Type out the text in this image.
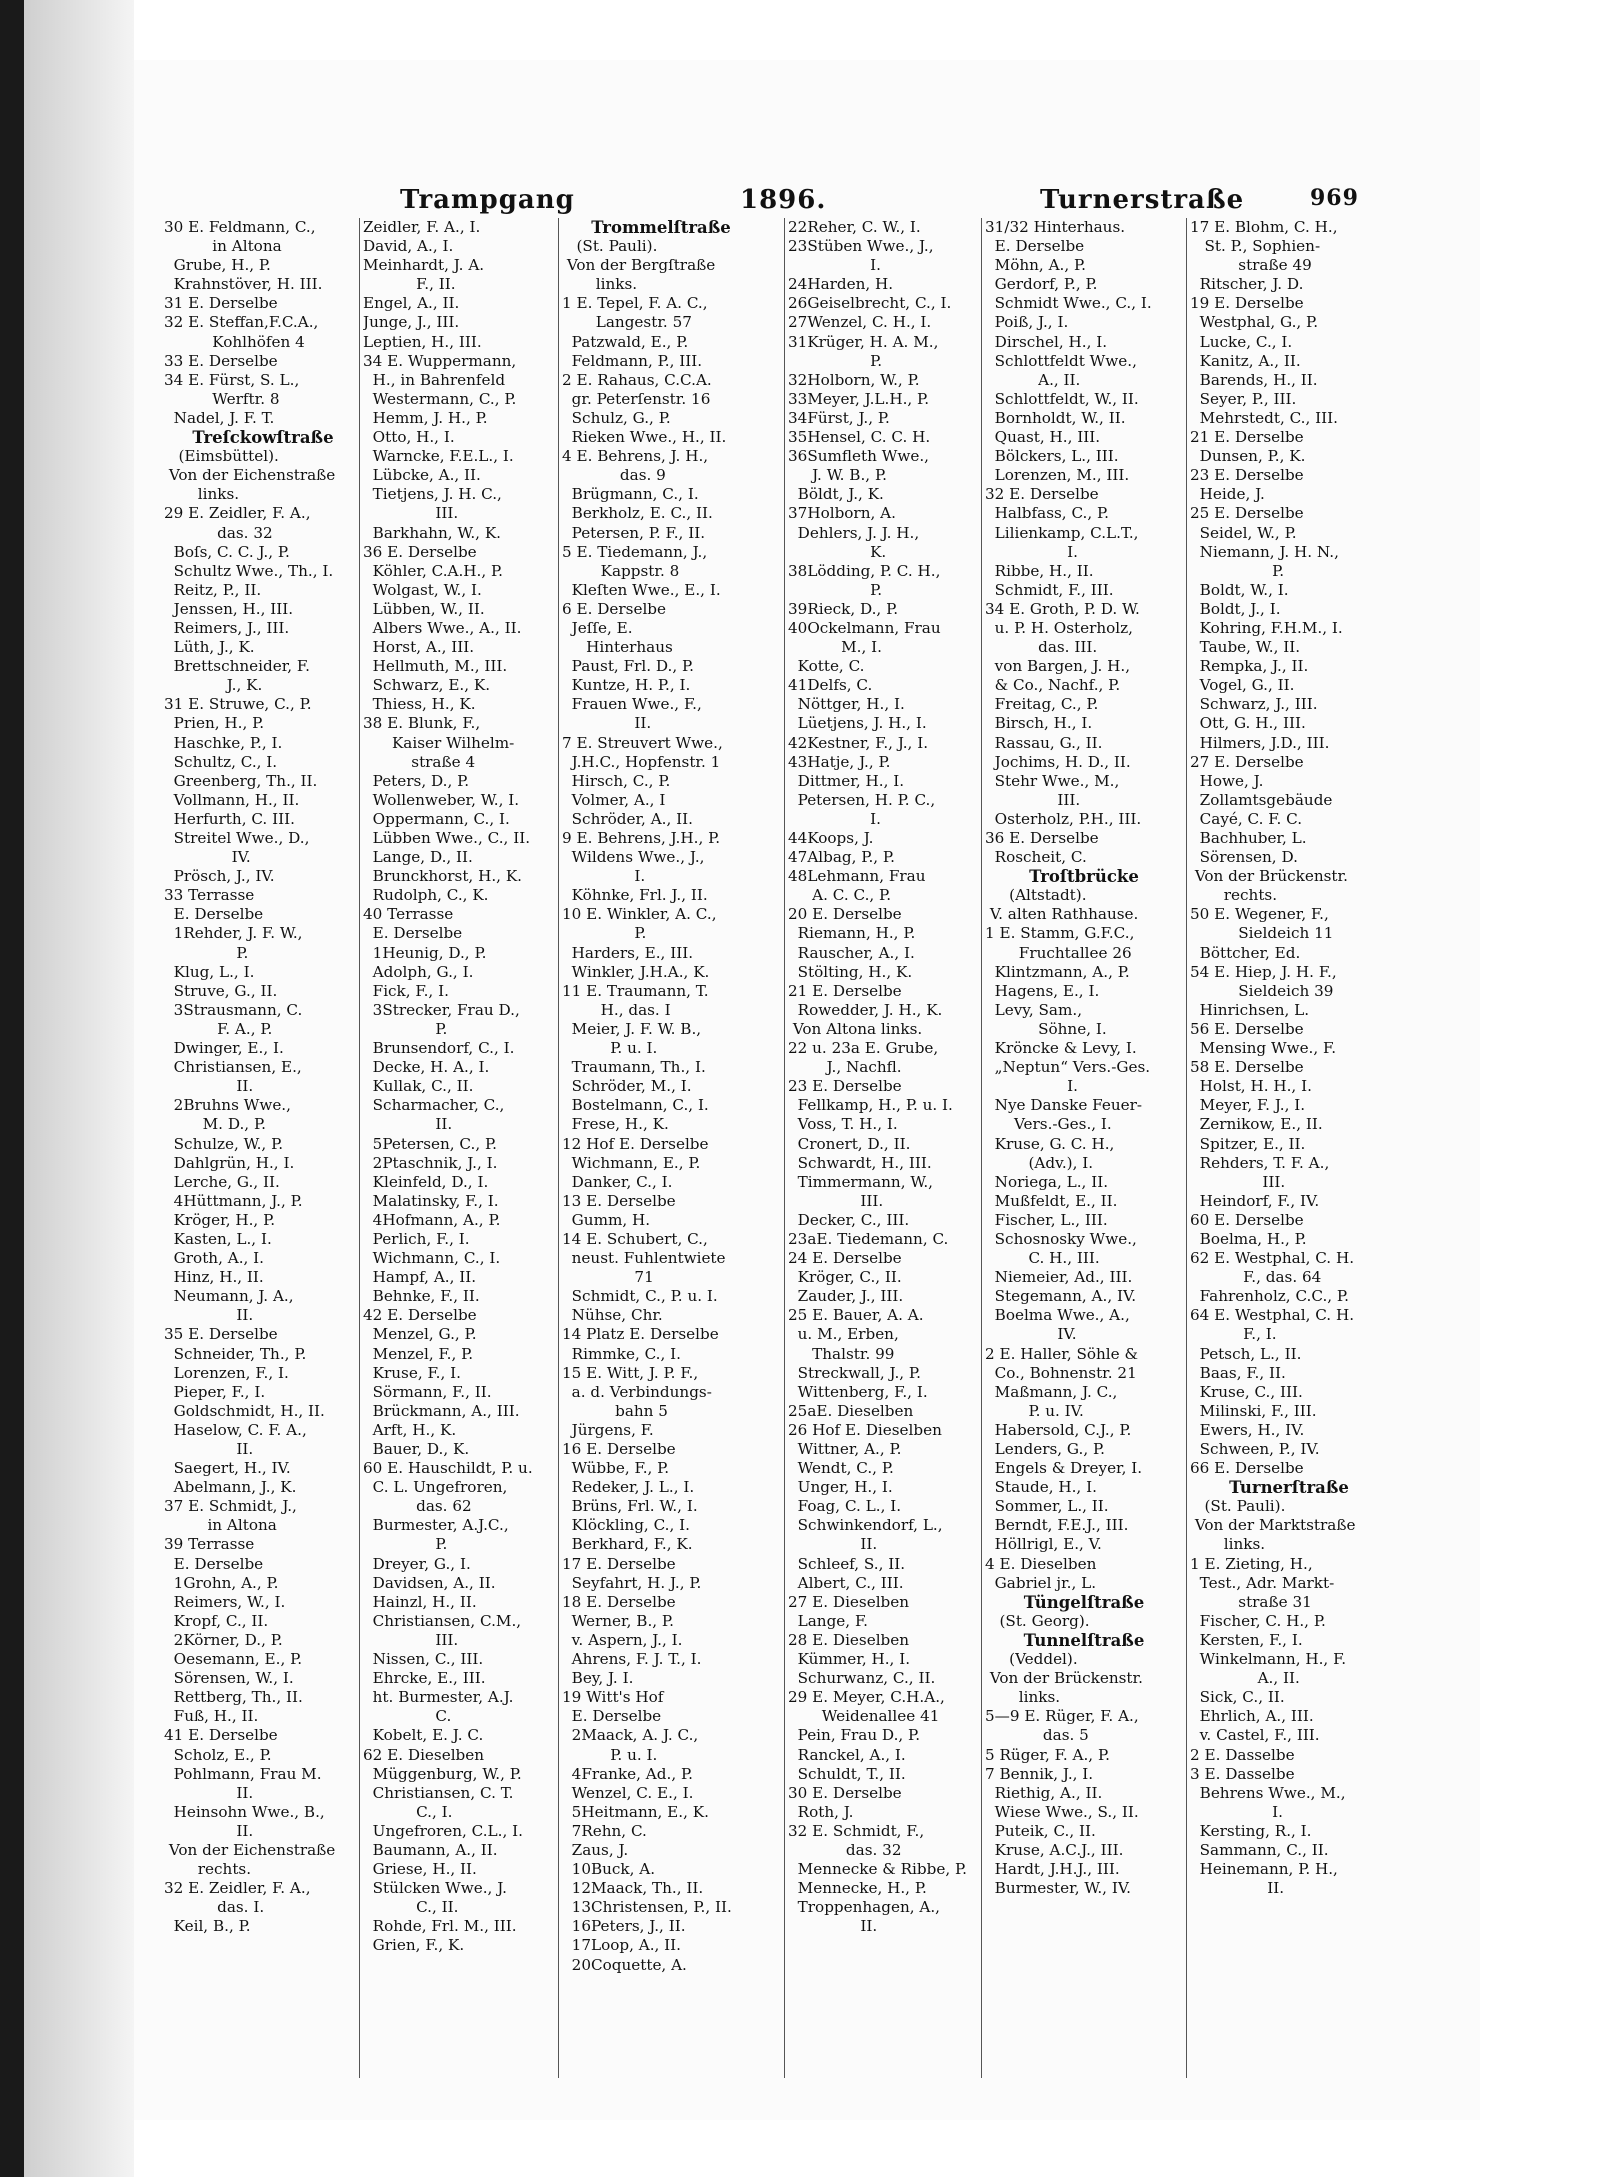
Trampgang	1896.	Turnerstraße	969
30 E. Feldmann, C.,
in Altona
Grube, H., P.
Krahnstöver, H. III.
31 E. Derselbe
32 E. Steffan,F.C.A.,
Kohlhöfen 4
33 E. Derselbe
34 E. Fürst, S. L.,
Werftr. 8
Nadel, J. F. T.
Treſckowſtraße
(Eimsbüttel).
Von der Eichenstraße
links.
29 E. Zeidler, F. A.,
das. 32
Boſs, C. C. J., P.
Schultz Wwe., Th., I.
Reitz, P., II.
Jenssen, H., III.
Reimers, J., III.
Lüth, J., K.
Brettschneider, F.
J., K.
31 E. Struwe, C., P.
Prien, H., P.
Haschke, P., I.
Schultz, C., I.
Greenberg, Th., II.
Vollmann, H., II.
Herfurth, C. III.
Streitel Wwe., D.,
IV.
Prösch, J., IV.
33 Terrasse
E. Derselbe
1Rehder, J. F. W.,
P.
Klug, L., I.
Struve, G., II.
3Strausmann, C.
F. A., P.
Dwinger, E., I.
Christiansen, E.,
II.
2Bruhns Wwe.,
M. D., P.
Schulze, W., P.
Dahlgrün, H., I.
Lerche, G., II.
4Hüttmann, J., P.
Kröger, H., P.
Kasten, L., I.
Groth, A., I.
Hinz, H., II.
Neumann, J. A.,
II.
35 E. Derselbe
Schneider, Th., P.
Lorenzen, F., I.
Pieper, F., I.
Goldschmidt, H., II.
Haselow, C. F. A.,
II.
Saegert, H., IV.
Abelmann, J., K.
37 E. Schmidt, J.,
in Altona
39 Terrasse
E. Derselbe
1Grohn, A., P.
Reimers, W., I.
Kropf, C., II.
2Körner, D., P.
Oesemann, E., P.
Sörensen, W., I.
Rettberg, Th., II.
Fuß, H., II.
41 E. Derselbe
Scholz, E., P.
Pohlmann, Frau M.
II.
Heinsohn Wwe., B.,
II.
Von der Eichenstraße
rechts.
32 E. Zeidler, F. A.,
das. I.
Keil, B., P.
Zeidler, F. A., I.
David, A., I.
Meinhardt, J. A.
F., II.
Engel, A., II.
Junge, J., III.
Leptien, H., III.
34 E. Wuppermann,
H., in Bahrenfeld
Westermann, C., P.
Hemm, J. H., P.
Otto, H., I.
Warncke, F.E.L., I.
Lübcke, A., II.
Tietjens, J. H. C.,
III.
Barkhahn, W., K.
36 E. Derselbe
Köhler, C.A.H., P.
Wolgast, W., I.
Lübben, W., II.
Albers Wwe., A., II.
Horst, A., III.
Hellmuth, M., III.
Schwarz, E., K.
Thiess, H., K.
38 E. Blunk, F.,
Kaiser Wilhelm-
straße 4
Peters, D., P.
Wollenweber, W., I.
Oppermann, C., I.
Lübben Wwe., C., II.
Lange, D., II.
Brunckhorst, H., K.
Rudolph, C., K.
40 Terrasse
E. Derselbe
1Heunig, D., P.
Adolph, G., I.
Fick, F., I.
3Strecker, Frau D.,
P.
Brunsendorf, C., I.
Decke, H. A., I.
Kullak, C., II.
Scharmacher, C.,
II.
5Petersen, C., P.
2Ptaschnik, J., I.
Kleinfeld, D., I.
Malatinsky, F., I.
4Hofmann, A., P.
Perlich, F., I.
Wichmann, C., I.
Hampf, A., II.
Behnke, F., II.
42 E. Derselbe
Menzel, G., P.
Menzel, F., P.
Kruse, F., I.
Sörmann, F., II.
Brückmann, A., III.
Arft, H., K.
Bauer, D., K.
60 E. Hauschildt, P. u.
C. L. Ungefroren,
das. 62
Burmester, A.J.C.,
P.
Dreyer, G., I.
Davidsen, A., II.
Hainzl, H., II.
Christiansen, C.M.,
III.
Nissen, C., III.
Ehrcke, E., III.
ht. Burmester, A.J.
C.
Kobelt, E. J. C.
62 E. Dieselben
Müggenburg, W., P.
Christiansen, C. T.
C., I.
Ungefroren, C.L., I.
Baumann, A., II.
Griese, H., II.
Stülcken Wwe., J.
C., II.
Rohde, Frl. M., III.
Grien, F., K.
Trommelſtraße
(St. Pauli).
Von der Bergſtraße
links.
1 E. Tepel, F. A. C.,
Langestr. 57
Patzwald, E., P.
Feldmann, P., III.
2 E. Rahaus, C.C.A.
gr. Peterſenstr. 16
Schulz, G., P.
Rieken Wwe., H., II.
4 E. Behrens, J. H.,
das. 9
Brügmann, C., I.
Berkholz, E. C., II.
Petersen, P. F., II.
5 E. Tiedemann, J.,
Kappstr. 8
Kleſten Wwe., E., I.
6 E. Derselbe
Jeſſe, E.
Hinterhaus
Paust, Frl. D., P.
Kuntze, H. P., I.
Frauen Wwe., F.,
II.
7 E. Streuvert Wwe.,
J.H.C., Hopfenstr. 1
Hirsch, C., P.
Volmer, A., I
Schröder, A., II.
9 E. Behrens, J.H., P.
Wildens Wwe., J.,
I.
Köhnke, Frl. J., II.
10 E. Winkler, A. C.,
P.
Harders, E., III.
Winkler, J.H.A., K.
11 E. Traumann, T.
H., das. I
Meier, J. F. W. B.,
P. u. I.
Traumann, Th., I.
Schröder, M., I.
Bostelmann, C., I.
Frese, H., K.
12 Hof E. Derselbe
Wichmann, E., P.
Danker, C., I.
13 E. Derselbe
Gumm, H.
14 E. Schubert, C.,
neust. Fuhlentwiete
71
Schmidt, C., P. u. I.
Nühse, Chr.
14 Platz E. Derselbe
Rimmke, C., I.
15 E. Witt, J. P. F.,
a. d. Verbindungs-
bahn 5
Jürgens, F.
16 E. Derselbe
Wübbe, F., P.
Redeker, J. L., I.
Brüns, Frl. W., I.
Klöckling, C., I.
Berkhard, F., K.
17 E. Derselbe
Seyfahrt, H. J., P.
18 E. Derselbe
Werner, B., P.
v. Aspern, J., I.
Ahrens, F. J. T., I.
Bey, J. I.
19 Witt's Hof
E. Derselbe
2Maack, A. J. C.,
P. u. I.
4Franke, Ad., P.
Wenzel, C. E., I.
5Heitmann, E., K.
7Rehn, C.
Zaus, J.
10Buck, A.
12Maack, Th., II.
13Christensen, P., II.
16Peters, J., II.
17Loop, A., II.
20Coquette, A.
22Reher, C. W., I.
23Stüben Wwe., J.,
I.
24Harden, H.
26Geiselbrecht, C., I.
27Wenzel, C. H., I.
31Krüger, H. A. M.,
P.
32Holborn, W., P.
33Meyer, J.L.H., P.
34Fürst, J., P.
35Hensel, C. C. H.
36Sumfleth Wwe.,
J. W. B., P.
Böldt, J., K.
37Holborn, A.
Dehlers, J. J. H.,
K.
38Lödding, P. C. H.,
P.
39Rieck, D., P.
40Ockelmann, Frau
M., I.
Kotte, C.
41Delfs, C.
Nöttger, H., I.
Lüetjens, J. H., I.
42Kestner, F., J., I.
43Hatje, J., P.
Dittmer, H., I.
Petersen, H. P. C.,
I.
44Koops, J.
47Albag, P., P.
48Lehmann, Frau
A. C. C., P.
20 E. Derselbe
Riemann, H., P.
Rauscher, A., I.
Stölting, H., K.
21 E. Derselbe
Rowedder, J. H., K.
Von Altona links.
22 u. 23a E. Grube,
J., Nachfl.
23 E. Derselbe
Fellkamp, H., P. u. I.
Voss, T. H., I.
Cronert, D., II.
Schwardt, H., III.
Timmermann, W.,
III.
Decker, C., III.
23aE. Tiedemann, C.
24 E. Derselbe
Kröger, C., II.
Zauder, J., III.
25 E. Bauer, A. A.
u. M., Erben,
Thalstr. 99
Streckwall, J., P.
Wittenberg, F., I.
25aE. Dieselben
26 Hof E. Dieselben
Wittner, A., P.
Wendt, C., P.
Unger, H., I.
Foag, C. L., I.
Schwinkendorf, L.,
II.
Schleef, S., II.
Albert, C., III.
27 E. Dieselben
Lange, F.
28 E. Dieselben
Kümmer, H., I.
Schurwanz, C., II.
29 E. Meyer, C.H.A.,
Weidenallee 41
Pein, Frau D., P.
Ranckel, A., I.
Schuldt, T., II.
30 E. Derselbe
Roth, J.
32 E. Schmidt, F.,
das. 32
Mennecke & Ribbe, P.
Mennecke, H., P.
Troppenhagen, A.,
II.
31/32 Hinterhaus.
E. Derselbe
Möhn, A., P.
Gerdorf, P., P.
Schmidt Wwe., C., I.
Poiß, J., I.
Dirschel, H., I.
Schlottfeldt Wwe.,
A., II.
Schlottfeldt, W., II.
Bornholdt, W., II.
Quast, H., III.
Bölckers, L., III.
Lorenzen, M., III.
32 E. Derselbe
Halbfass, C., P.
Lilienkamp, C.L.T.,
I.
Ribbe, H., II.
Schmidt, F., III.
34 E. Groth, P. D. W.
u. P. H. Osterholz,
das. III.
von Bargen, J. H.,
& Co., Nachf., P.
Freitag, C., P.
Birsch, H., I.
Rassau, G., II.
Jochims, H. D., II.
Stehr Wwe., M.,
III.
Osterholz, P.H., III.
36 E. Derselbe
Roscheit, C.
Troſtbrücke
(Altstadt).
V. alten Rathhause.
1 E. Stamm, G.F.C.,
Fruchtallee 26
Klintzmann, A., P.
Hagens, E., I.
Levy, Sam.,
Söhne, I.
Kröncke & Levy, I.
„Neptun“ Vers.-Ges.
I.
Nye Danske Feuer-
Vers.-Ges., I.
Kruse, G. C. H.,
(Adv.), I.
Noriega, L., II.
Mußfeldt, E., II.
Fischer, L., III.
Schosnosky Wwe.,
C. H., III.
Niemeier, Ad., III.
Stegemann, A., IV.
Boelma Wwe., A.,
IV.
2 E. Haller, Söhle &
Co., Bohnenstr. 21
Maßmann, J. C.,
P. u. IV.
Habersold, C.J., P.
Lenders, G., P.
Engels & Dreyer, I.
Staude, H., I.
Sommer, L., II.
Berndt, F.E.J., III.
Höllrigl, E., V.
4 E. Dieselben
Gabriel jr., L.
Tüngelſtraße
(St. Georg).
Tunnelſtraße
(Veddel).
Von der Brückenstr.
links.
5—9 E. Rüger, F. A.,
das. 5
5 Rüger, F. A., P.
7 Bennik, J., I.
Riethig, A., II.
Wiese Wwe., S., II.
Puteik, C., II.
Kruse, A.C.J., III.
Hardt, J.H.J., III.
Burmester, W., IV.
17 E. Blohm, C. H.,
St. P., Sophien-
straße 49
Ritscher, J. D.
19 E. Derselbe
Westphal, G., P.
Lucke, C., I.
Kanitz, A., II.
Barends, H., II.
Seyer, P., III.
Mehrstedt, C., III.
21 E. Derselbe
Dunsen, P., K.
23 E. Derselbe
Heide, J.
25 E. Derselbe
Seidel, W., P.
Niemann, J. H. N.,
P.
Boldt, W., I.
Boldt, J., I.
Kohring, F.H.M., I.
Taube, W., II.
Rempka, J., II.
Vogel, G., II.
Schwarz, J., III.
Ott, G. H., III.
Hilmers, J.D., III.
27 E. Derselbe
Howe, J.
Zollamtsgebäude
Cayé, C. F. C.
Bachhuber, L.
Sörensen, D.
Von der Brückenstr.
rechts.
50 E. Wegener, F.,
Sieldeich 11
Böttcher, Ed.
54 E. Hiep, J. H. F.,
Sieldeich 39
Hinrichsen, L.
56 E. Derselbe
Mensing Wwe., F.
58 E. Derselbe
Holst, H. H., I.
Meyer, F. J., I.
Zernikow, E., II.
Spitzer, E., II.
Rehders, T. F. A.,
III.
Heindorf, F., IV.
60 E. Derselbe
Boelma, H., P.
62 E. Westphal, C. H.
F., das. 64
Fahrenholz, C.C., P.
64 E. Westphal, C. H.
F., I.
Petsch, L., II.
Baas, F., II.
Kruse, C., III.
Milinski, F., III.
Ewers, H., IV.
Schween, P., IV.
66 E. Derselbe
Turnerſtraße
(St. Pauli).
Von der Marktstraße
links.
1 E. Zieting, H.,
Test., Adr. Markt-
straße 31
Fischer, C. H., P.
Kersten, F., I.
Winkelmann, H., F.
A., II.
Sick, C., II.
Ehrlich, A., III.
v. Castel, F., III.
2 E. Dasselbe
3 E. Dasselbe
Behrens Wwe., M.,
I.
Kersting, R., I.
Sammann, C., II.
Heinemann, P. H.,
II.
